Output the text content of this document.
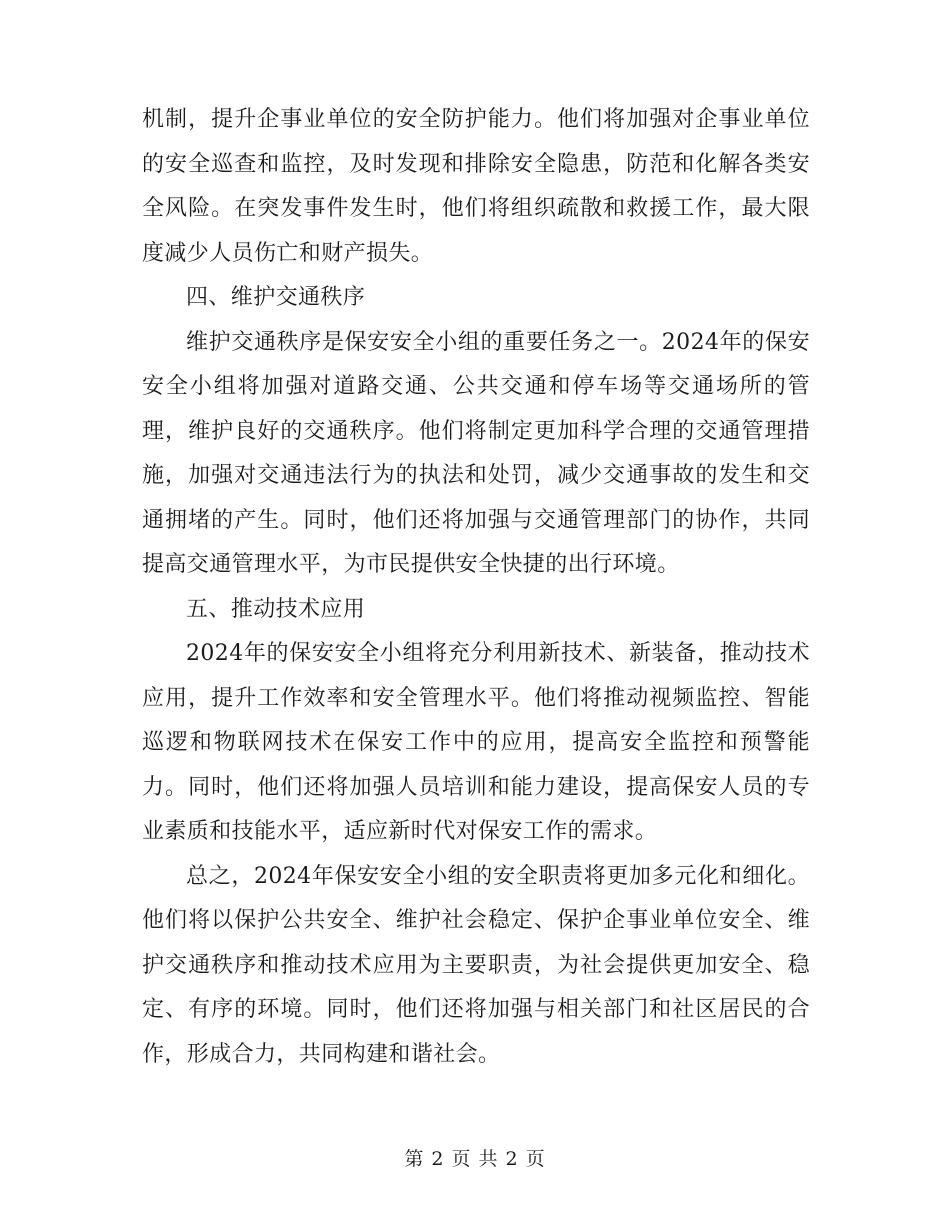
机制，提升企事业单位的安全防护能力。他们将加强对企事业单位的安全巡查和监控，及时发现和排除安全隐患，防范和化解各类安全风险。在突发事件发生时，他们将组织疏散和救援工作，最大限度减少人员伤亡和财产损失。

四、维护交通秩序

维护交通秩序是保安安全小组的重要任务之一。2024年的保安安全小组将加强对道路交通、公共交通和停车场等交通场所的管理，维护良好的交通秩序。他们将制定更加科学合理的交通管理措施，加强对交通违法行为的执法和处罚，减少交通事故的发生和交通拥堵的产生。同时，他们还将加强与交通管理部门的协作，共同提高交通管理水平，为市民提供安全快捷的出行环境。

五、推动技术应用

2024年的保安安全小组将充分利用新技术、新装备，推动技术应用，提升工作效率和安全管理水平。他们将推动视频监控、智能巡逻和物联网技术在保安工作中的应用，提高安全监控和预警能力。同时，他们还将加强人员培训和能力建设，提高保安人员的专业素质和技能水平，适应新时代对保安工作的需求。

总之，2024年保安安全小组的安全职责将更加多元化和细化。他们将以保护公共安全、维护社会稳定、保护企事业单位安全、维护交通秩序和推动技术应用为主要职责，为社会提供更加安全、稳定、有序的环境。同时，他们还将加强与相关部门和社区居民的合作，形成合力，共同构建和谐社会。

第 2 页 共 2 页
